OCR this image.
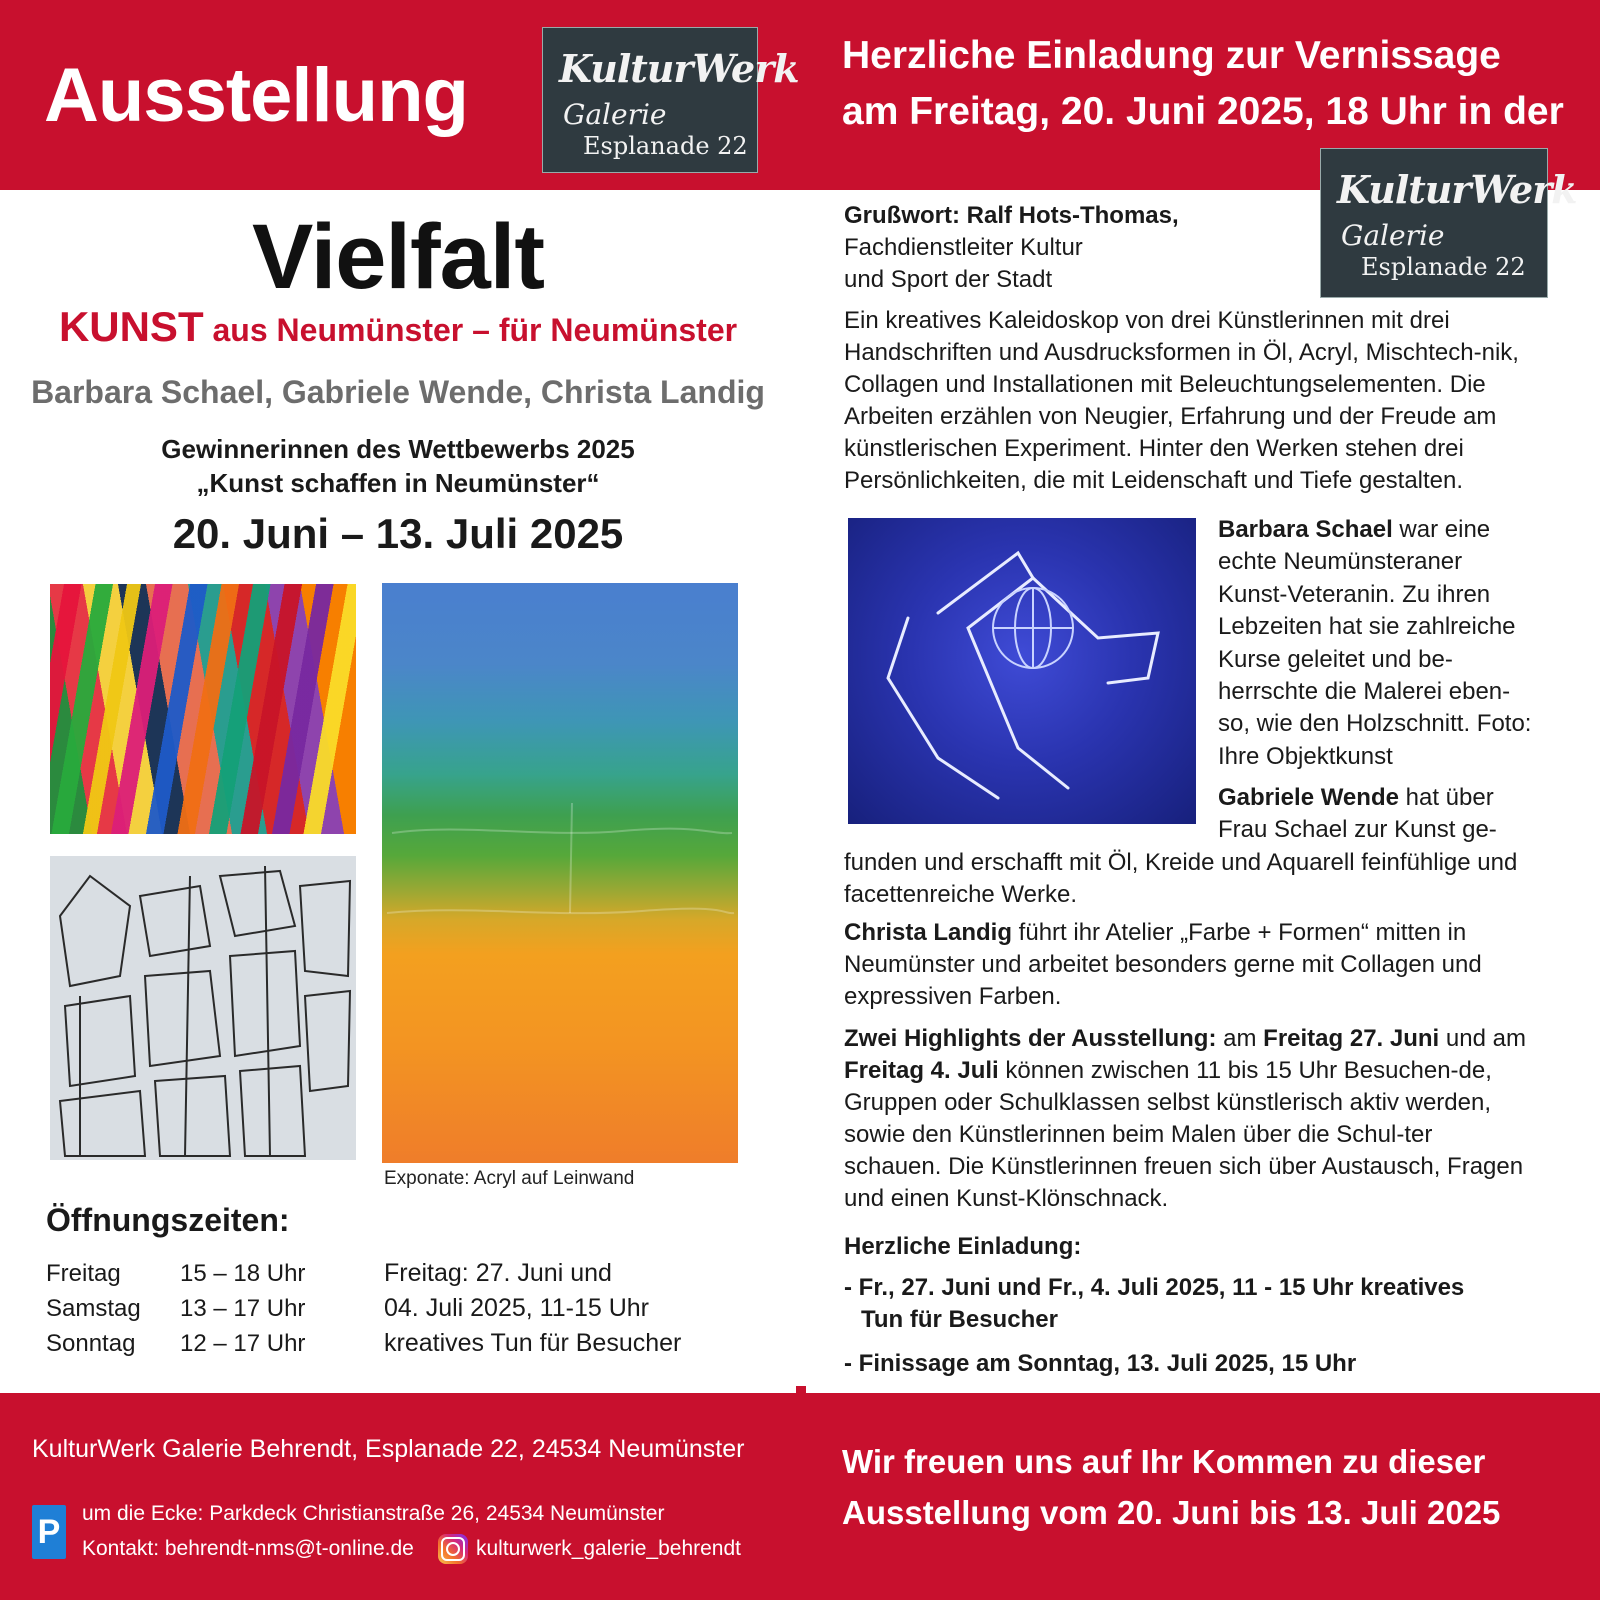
Ausstellung KulturWerk
Galerie
Esplanade 22
Herzliche Einladung zur Vernissage
am Freitag, 20. Juni 2025, 18 Uhr in der
KulturWerk
Galerie
Esplanade 22
Vielfalt
KUNST aus Neumünster – für Neumünster
Barbara Schael, Gabriele Wende, Christa Landig
Gewinnerinnen des Wettbewerbs 2025
„Kunst schaffen in Neumünster“
20. Juni – 13. Juli 2025
Exponate: Acryl auf Leinwand
Öffnungszeiten:
Freitag	15 – 18 Uhr
Samstag	13 – 17 Uhr
Sonntag	12 – 17 Uhr
Freitag: 27. Juni und
04. Juli 2025, 11-15 Uhr
kreatives Tun für Besucher
Grußwort: Ralf Hots-Thomas,
Fachdienstleiter Kultur
und Sport der Stadt
Ein kreatives Kaleidoskop von drei Künstlerinnen mit drei Handschriften und Ausdrucksformen in Öl, Acryl, Mischtech-nik, Collagen und Installationen mit Beleuchtungselementen. Die Arbeiten erzählen von Neugier, Erfahrung und der Freude am künstlerischen Experiment. Hinter den Werken stehen drei Persönlichkeiten, die mit Leidenschaft und Tiefe gestalten.
Barbara Schael war eine echte Neumünsteraner Kunst-Veteranin. Zu ihren Lebzeiten hat sie zahlreiche Kurse geleitet und be-herrschte die Malerei eben-so, wie den Holzschnitt. Foto: Ihre Objektkunst
Gabriele Wende hat über Frau Schael zur Kunst ge-
funden und erschafft mit Öl, Kreide und Aquarell feinfühlige und facettenreiche Werke.
Christa Landig führt ihr Atelier „Farbe + Formen“ mitten in Neumünster und arbeitet besonders gerne mit Collagen und expressiven Farben.
Zwei Highlights der Ausstellung: am Freitag 27. Juni und am Freitag 4. Juli können zwischen 11 bis 15 Uhr Besuchen-de, Gruppen oder Schulklassen selbst künstlerisch aktiv werden, sowie den Künstlerinnen beim Malen über die Schul-ter schauen. Die Künstlerinnen freuen sich über Austausch, Fragen und einen Kunst-Klönschnack.
Herzliche Einladung:
- Fr., 27. Juni und Fr., 4. Juli 2025, 11 - 15 Uhr kreatives
Tun für Besucher
- Finissage am Sonntag, 13. Juli 2025, 15 Uhr
KulturWerk Galerie Behrendt, Esplanade 22, 24534 Neumünster
P um die Ecke: Parkdeck Christianstraße 26, 24534 Neumünster
Kontakt: behrendt-nms@t-online.de	kulturwerk_galerie_behrendt
Wir freuen uns auf Ihr Kommen zu dieser
Ausstellung vom 20. Juni bis 13. Juli 2025
